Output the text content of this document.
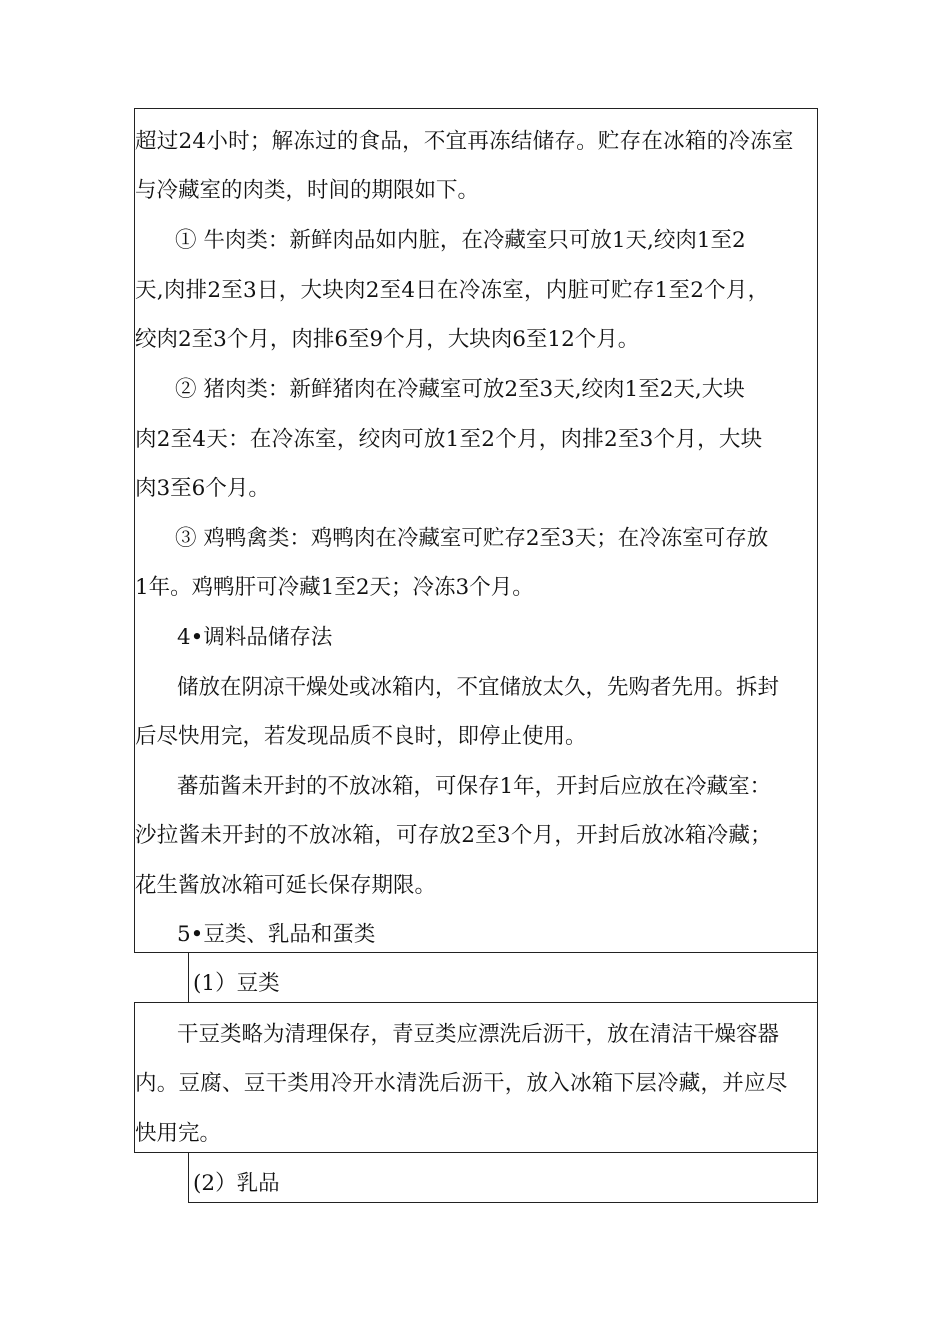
超过24小时；解冻过的食品，不宜再冻结储存。贮存在冰箱的冷冻室
与冷藏室的肉类，时间的期限如下。
① 牛肉类：新鲜肉品如内脏，在冷藏室只可放1天,绞肉1至2
天,肉排2至3日，大块肉2至4日在冷冻室，内脏可贮存1至2个月，
绞肉2至3个月，肉排6至9个月，大块肉6至12个月。
② 猪肉类：新鲜猪肉在冷藏室可放2至3天,绞肉1至2天,大块
肉2至4天：在冷冻室，绞肉可放1至2个月，肉排2至3个月，大块
肉3至6个月。
③ 鸡鸭禽类：鸡鸭肉在冷藏室可贮存2至3天；在冷冻室可存放
1年。鸡鸭肝可冷藏1至2天；冷冻3个月。
4•调料品储存法
储放在阴凉干燥处或冰箱内，不宜储放太久，先购者先用。拆封
后尽快用完，若发现品质不良时，即停止使用。
蕃茄酱未开封的不放冰箱，可保存1年，开封后应放在冷藏室：
沙拉酱未开封的不放冰箱，可存放2至3个月，开封后放冰箱冷藏；
花生酱放冰箱可延长保存期限。
5•豆类、乳品和蛋类
(1）豆类
干豆类略为清理保存，青豆类应漂洗后沥干，放在清洁干燥容器
内。豆腐、豆干类用冷开水清洗后沥干，放入冰箱下层冷藏，并应尽
快用完。
(2）乳品
